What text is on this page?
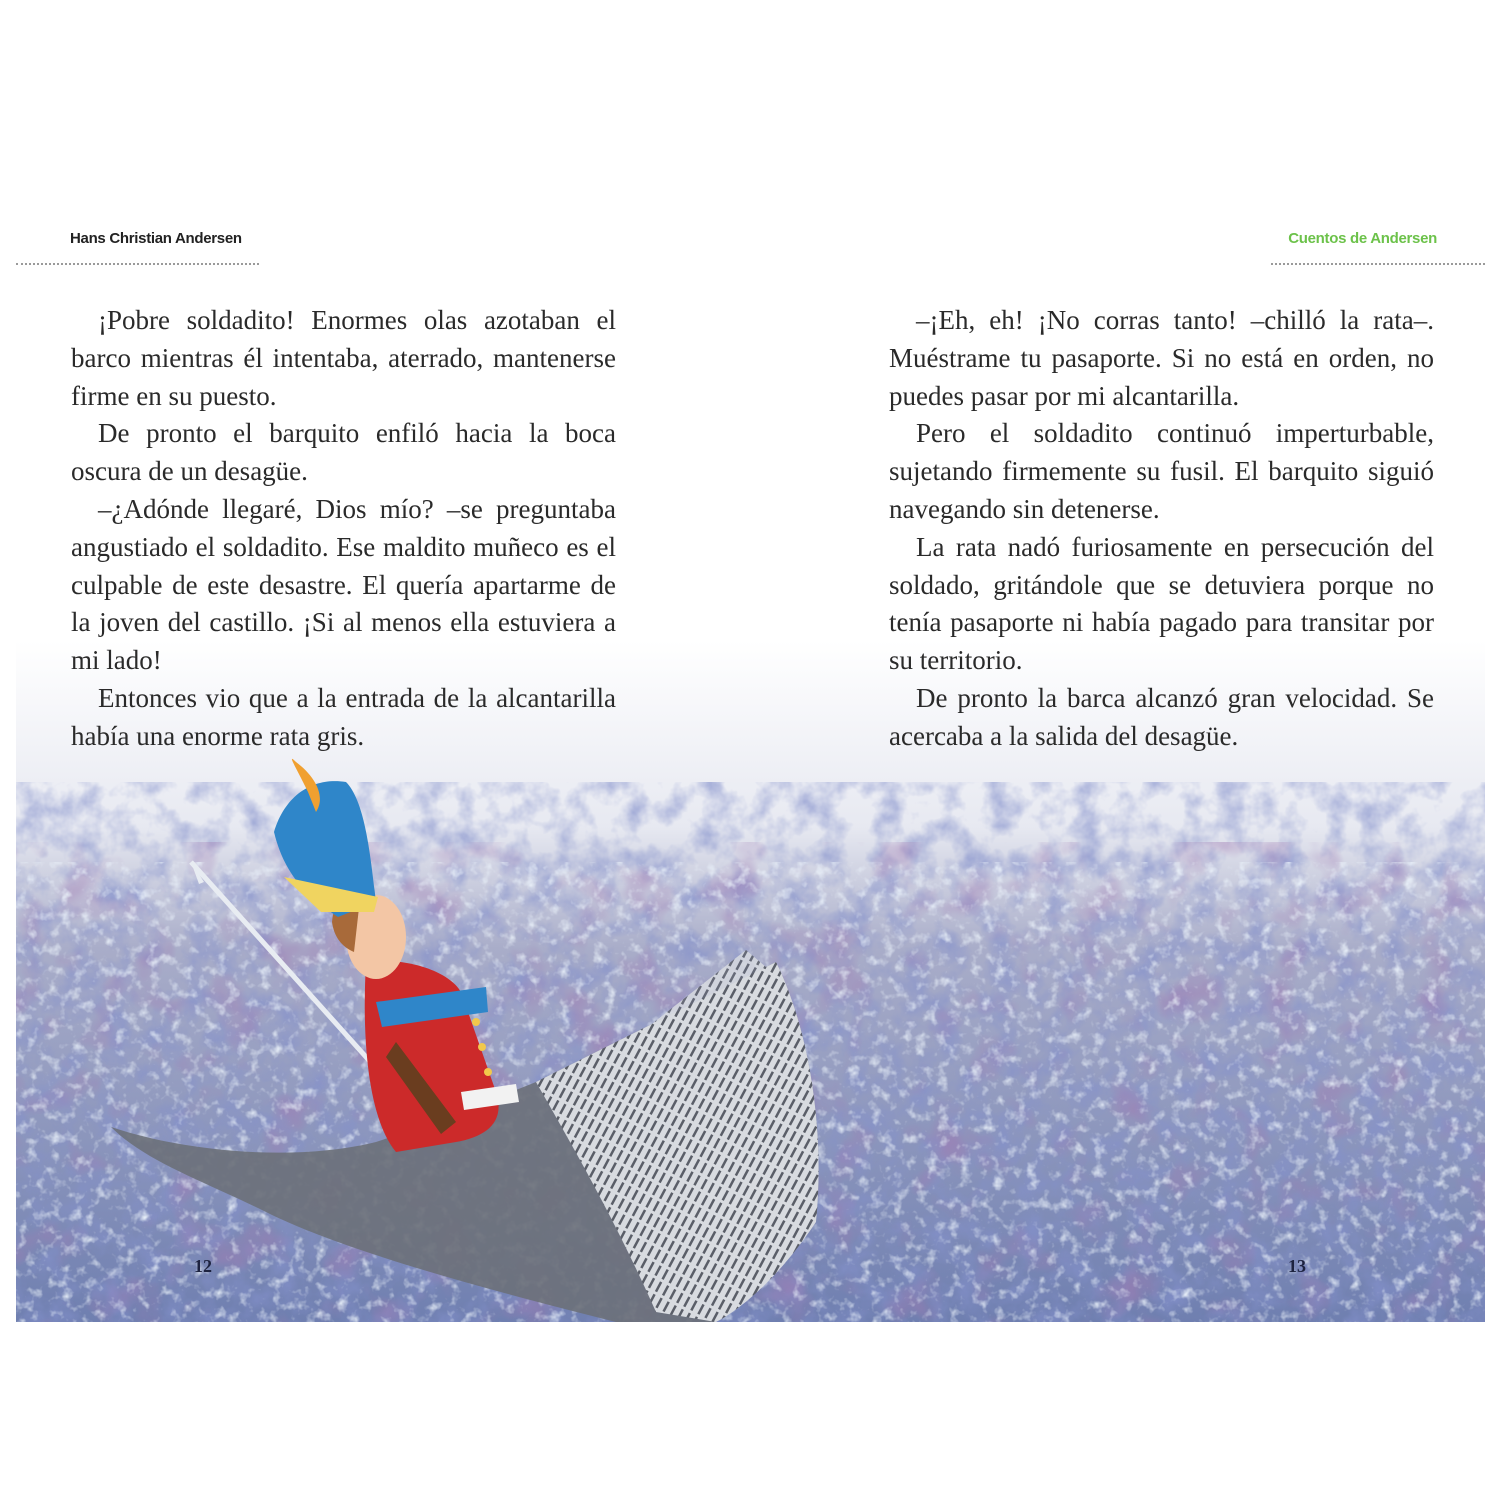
Hans Christian Andersen	Cuentos de Andersen

¡Pobre soldadito! Enormes olas azotaban el barco mientras él intentaba, aterrado, mantenerse firme en su puesto.

De pronto el barquito enfiló hacia la boca oscura de un desagüe.

–¿Adónde llegaré, Dios mío? –se preguntaba angustiado el soldadito. Ese maldito muñeco es el culpable de este desastre. El quería apartarme de la joven del castillo. ¡Si al menos ella estuviera a mi lado!

Entonces vio que a la entrada de la alcantarilla había una enorme rata gris.

–¡Eh, eh! ¡No corras tanto! –chilló la rata–. Muéstrame tu pasaporte. Si no está en orden, no puedes pasar por mi alcantarilla.

Pero el soldadito continuó imperturbable, sujetando firmemente su fusil. El barquito siguió navegando sin detenerse.

La rata nadó furiosamente en persecución del soldado, gritándole que se detuviera porque no tenía pasaporte ni había pagado para transitar por su territorio.

De pronto la barca alcanzó gran velocidad. Se acercaba a la salida del desagüe.

12	13
